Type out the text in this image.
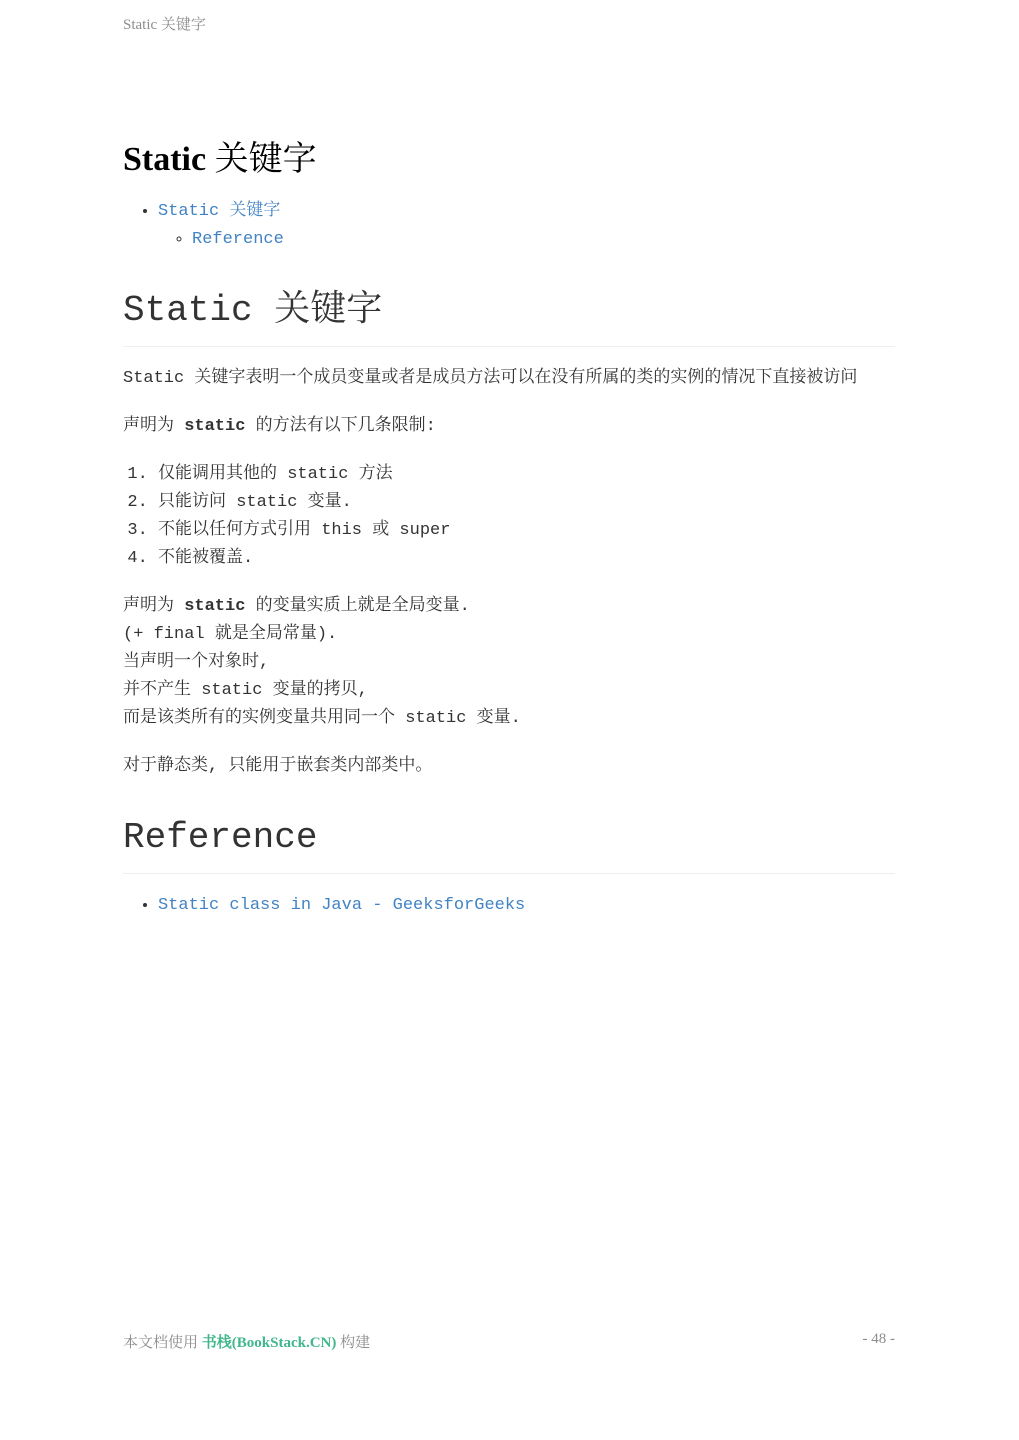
Static 关键字
Static 关键字
• Static 关键字
◦ Reference
Static 关键字

Static 关键字表明一个成员变量或者是成员方法可以在没有所属的类的实例的情况下直接被访问

声明为 static 的方法有以下几条限制:

1. 仅能调用其他的 static 方法
2. 只能访问 static 变量.
3. 不能以任何方式引用 this 或 super
4. 不能被覆盖.

声明为 static 的变量实质上就是全局变量.

(+ final 就是全局常量).

当声明一个对象时,

并不产生 static 变量的拷贝,

而是该类所有的实例变量共用同一个 static 变量.

对于静态类, 只能用于嵌套类内部类中。

Reference
• Static class in Java - GeeksforGeeks
本文档使用 书栈(BookStack.CN) 构建	- 48 -
